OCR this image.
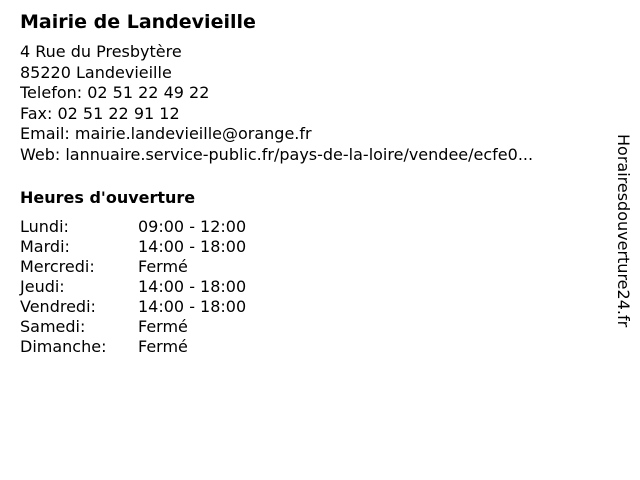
Mairie de Landevieille
4 Rue du Presbytère
85220 Landevieille
Telefon: 02 51 22 49 22
Fax: 02 51 22 91 12
Email: mairie.landevieille@orange.fr
Web: lannuaire.service-public.fr/pays-de-la-loire/vendee/ecfe0...
Heures d'ouverture
Lundi:	09:00 - 12:00
Mardi:	14:00 - 18:00
Mercredi:	Fermé
Jeudi:	14:00 - 18:00
Vendredi:	14:00 - 18:00
Samedi:	Fermé
Dimanche:	Fermé
Horairesdouverture24.fr
